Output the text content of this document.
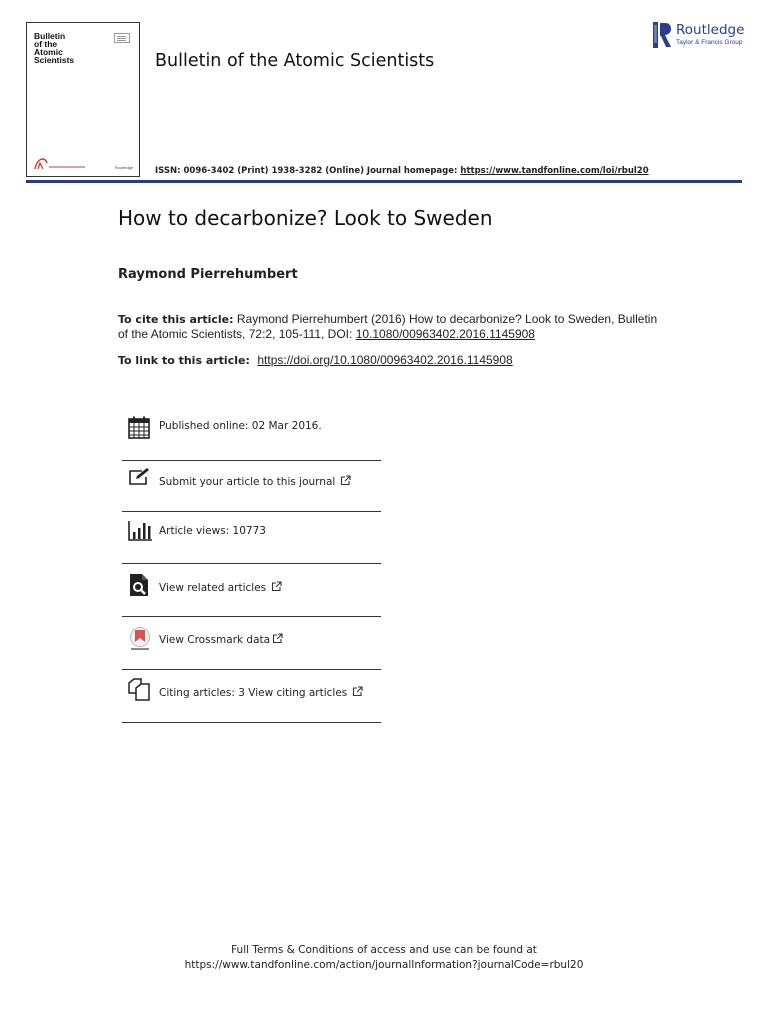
Bulletin
of the
Atomic
Scientists
Routledge
Bulletin of the Atomic Scientists
Routledge
Taylor & Francis Group
ISSN: 0096-3402 (Print) 1938-3282 (Online) Journal homepage: https://www.tandfonline.com/loi/rbul20
How to decarbonize? Look to Sweden
Raymond Pierrehumbert
To cite this article: Raymond Pierrehumbert (2016) How to decarbonize? Look to Sweden, Bulletin of the Atomic Scientists, 72:2, 105-111, DOI: 10.1080/00963402.2016.1145908
To link to this article: https://doi.org/10.1080/00963402.2016.1145908
Published online: 02 Mar 2016.
Submit your article to this journal
Article views: 10773
View related articles
View Crossmark data
Citing articles: 3 View citing articles
Full Terms & Conditions of access and use can be found at
https://www.tandfonline.com/action/journalInformation?journalCode=rbul20
